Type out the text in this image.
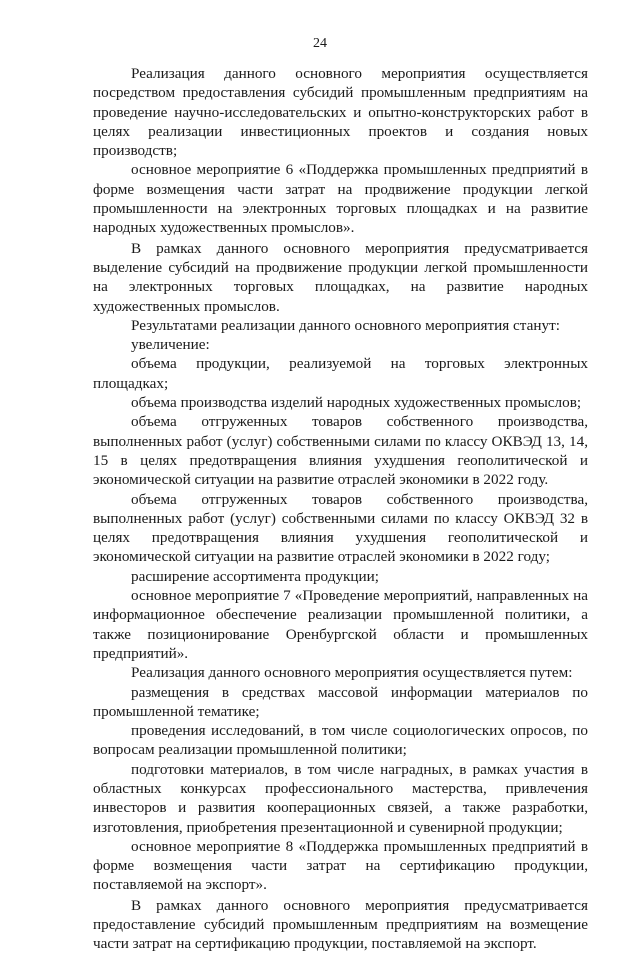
24

Реализация данного основного мероприятия осуществляется посредством предоставления субсидий промышленным предприятиям на проведение научно-исследовательских и опытно-конструкторских работ в целях реализации инвестиционных проектов и создания новых производств;

основное мероприятие 6 «Поддержка промышленных предприятий в форме возмещения части затрат на продвижение продукции легкой промышленности на электронных торговых площадках и на развитие народных художественных промыслов».

В рамках данного основного мероприятия предусматривается выделение субсидий на продвижение продукции легкой промышленности на электронных торговых площадках, на развитие народных художественных промыслов.

Результатами реализации данного основного мероприятия станут:

увеличение:

объема продукции, реализуемой на торговых электронных площадках;

объема производства изделий народных художественных промыслов;

объема отгруженных товаров собственного производства, выполненных работ (услуг) собственными силами по классу ОКВЭД 13, 14, 15 в целях предотвращения влияния ухудшения геополитической и экономической ситуации на развитие отраслей экономики в 2022 году.

объема отгруженных товаров собственного производства, выполненных работ (услуг) собственными силами по классу ОКВЭД 32 в целях предотвращения влияния ухудшения геополитической и экономической ситуации на развитие отраслей экономики в 2022 году;

расширение ассортимента продукции;

основное мероприятие 7 «Проведение мероприятий, направленных на информационное обеспечение реализации промышленной политики, а также позиционирование Оренбургской области и промышленных предприятий».

Реализация данного основного мероприятия осуществляется путем:

размещения в средствах массовой информации материалов по промышленной тематике;

проведения исследований, в том числе социологических опросов, по вопросам реализации промышленной политики;

подготовки материалов, в том числе наградных, в рамках участия в областных конкурсах профессионального мастерства, привлечения инвесторов и развития кооперационных связей, а также разработки, изготовления, приобретения презентационной и сувенирной продукции;

основное мероприятие 8 «Поддержка промышленных предприятий в форме возмещения части затрат на сертификацию продукции, поставляемой на экспорт».

В рамках данного основного мероприятия предусматривается предоставление субсидий промышленным предприятиям на возмещение части затрат на сертификацию продукции, поставляемой на экспорт.
